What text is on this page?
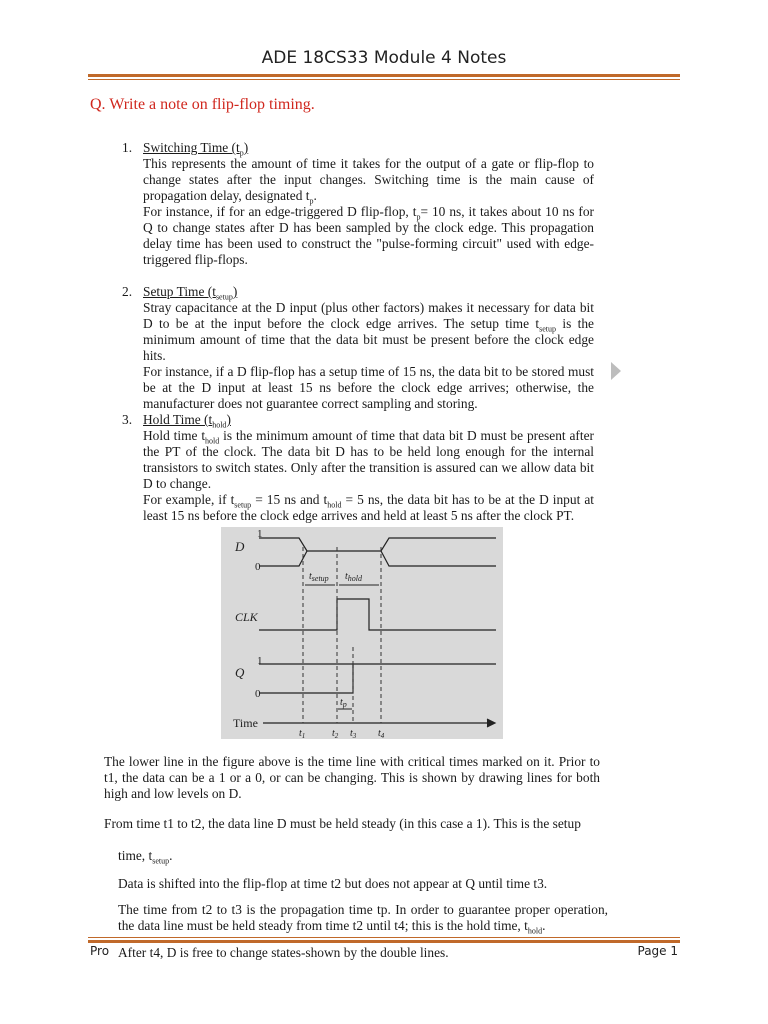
ADE 18CS33 Module 4 Notes
Q. Write a note on flip-flop timing.
1. Switching Time $(t_p)$

This represents the amount of time it takes for the output of a gate or flip-flop to change states after the input changes. Switching time is the main cause of propagation delay, designated $t_p$.

For instance, if for an edge-triggered D flip-flop, $t_p= 10$ ns, it takes about 10 ns for Q to change states after D has been sampled by the clock edge. This propagation delay time has been used to construct the "pulse-forming circuit" used with edge-triggered flip-flops.

2. Setup Time $(t_{setup})$

Stray capacitance at the D input (plus other factors) makes it necessary for data bit D to be at the input before the clock edge arrives. The setup time $t_{setup}$ is the minimum amount of time that the data bit must be present before the clock edge hits.

For instance, if a D flip-flop has a setup time of 15 ns, the data bit to be stored must be at the D input at least 15 ns before the clock edge arrives; otherwise, the manufacturer does not guarantee correct sampling and storing.

3. Hold Time $(t_{hold})$

Hold time $t_{hold}$ is the minimum amount of time that data bit D must be present after the PT of the clock. The data bit D has to be held long enough for the internal transistors to switch states. Only after the transition is assured can we allow data bit D to change.

For example, if $t_{setup} = 15$ ns and $t_{hold} = 5$ ns, the data bit has to be at the D input at least 15 ns before the clock edge arrives and held at least 5 ns after the clock PT.

D
1
0
CLK
Q
1
0
Time
$t_{setup}$ $t_{hold}$
$t_p$
$t_1$	$t_2$ $t_3$ $t_4$
The lower line in the figure above is the time line with critical times marked on it. Prior to t1, the data can be a 1 or a 0, or can be changing. This is shown by drawing lines for both high and low levels on D.
From time t1 to t2, the data line D must be held steady (in this case a 1). This is the setup
time, $t_{setup}$.
Data is shifted into the flip-flop at time t2 but does not appear at Q until time t3.
The time from t2 to t3 is the propagation time tp. In order to guarantee proper operation, the data line must be held steady from time t2 until t4; this is the hold time, $t_{hold}$.
Pro After t4, D is free to change states-shown by the double lines.	Page 1
